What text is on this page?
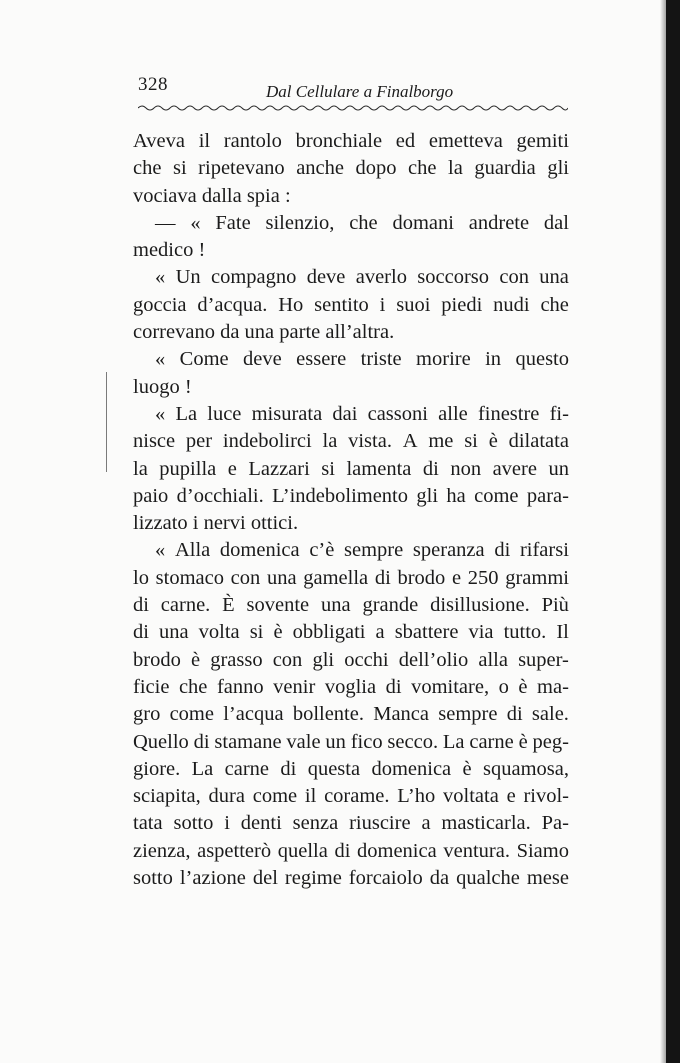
328	Dal Cellulare a Finalborgo
Aveva il rantolo bronchiale ed emetteva gemiti
che si ripetevano anche dopo che la guardia gli
vociava dalla spia :
— « Fate silenzio, che domani andrete dal
medico !
« Un compagno deve averlo soccorso con una
goccia d’acqua. Ho sentito i suoi piedi nudi che
correvano da una parte all’altra.
« Come deve essere triste morire in questo
luogo !
« La luce misurata dai cassoni alle finestre fi-
nisce per indebolirci la vista. A me si è dilatata
la pupilla e Lazzari si lamenta di non avere un
paio d’occhiali. L’indebolimento gli ha come para-
lizzato i nervi ottici.
« Alla domenica c’è sempre speranza di rifarsi
lo stomaco con una gamella di brodo e 250 grammi
di carne. È sovente una grande disillusione. Più
di una volta si è obbligati a sbattere via tutto. Il
brodo è grasso con gli occhi dell’olio alla super-
ficie che fanno venir voglia di vomitare, o è ma-
gro come l’acqua bollente. Manca sempre di sale.
Quello di stamane vale un fico secco. La carne è peg-
giore. La carne di questa domenica è squamosa,
sciapita, dura come il corame. L’ho voltata e rivol-
tata sotto i denti senza riuscire a masticarla. Pa-
zienza, aspetterò quella di domenica ventura. Siamo
sotto l’azione del regime forcaiolo da qualche mese
